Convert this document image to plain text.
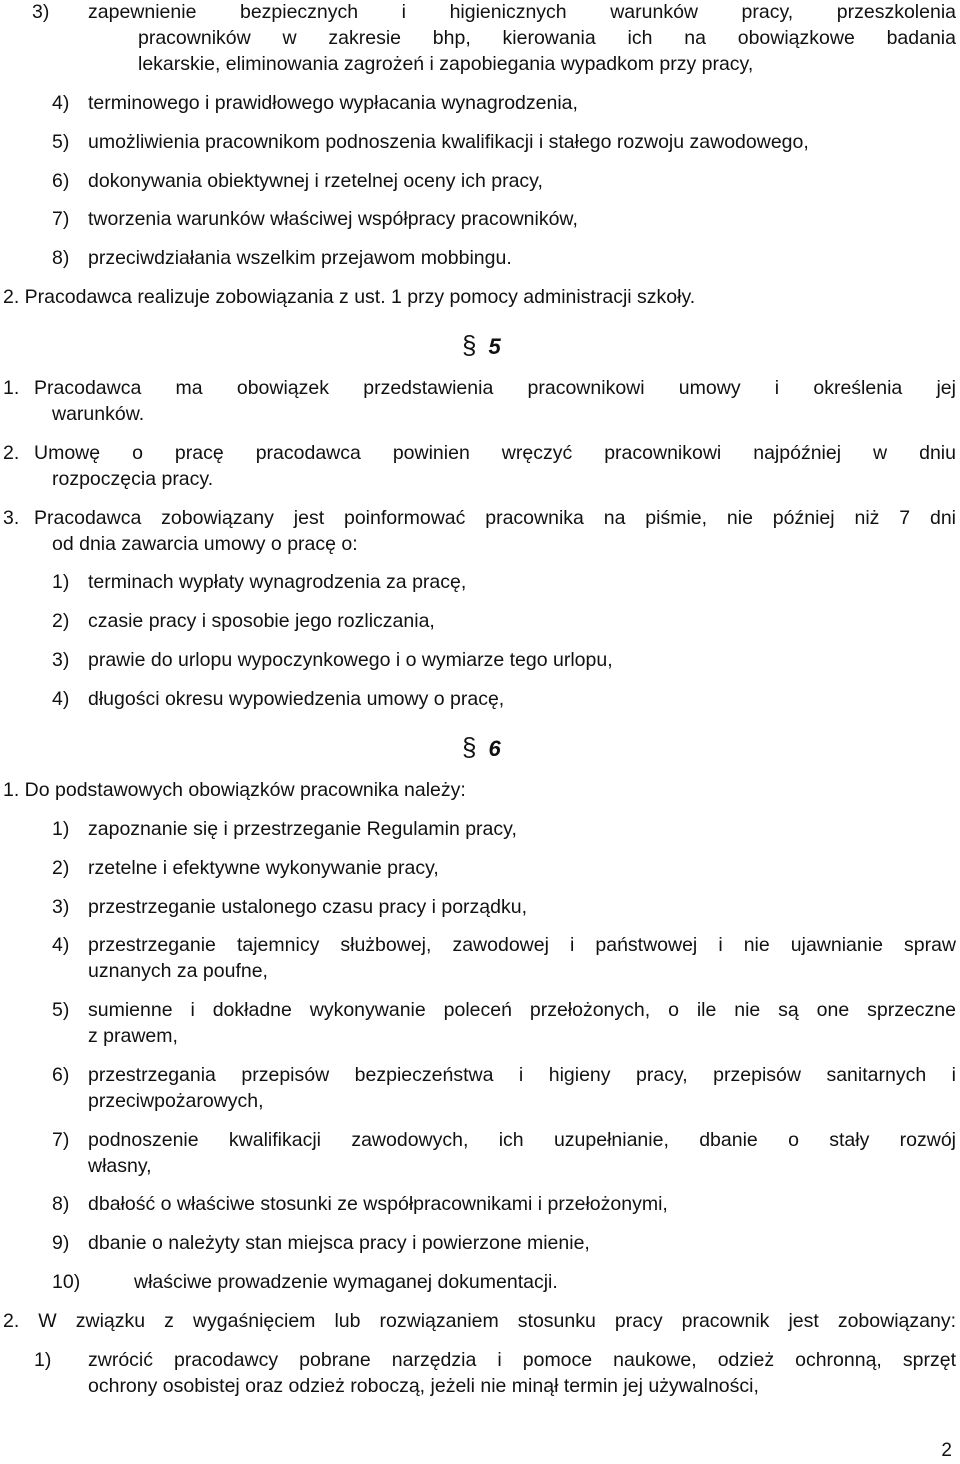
3) zapewnienie bezpiecznych i higienicznych warunków pracy, przeszkolenia
pracowników w zakresie bhp, kierowania ich na obowiązkowe badania
lekarskie, eliminowania zagrożeń i zapobiegania wypadkom przy pracy,
4) terminowego i prawidłowego wypłacania wynagrodzenia,
5) umożliwienia pracownikom podnoszenia kwalifikacji i stałego rozwoju zawodowego,
6) dokonywania obiektywnej i rzetelnej oceny ich pracy,
7) tworzenia warunków właściwej współpracy pracowników,
8) przeciwdziałania wszelkim przejawom mobbingu.
2. Pracodawca realizuje zobowiązania z ust. 1 przy pomocy administracji szkoły.
§ 5
1. Pracodawca ma obowiązek przedstawienia pracownikowi umowy i określenia jej
warunków.
2. Umowę o pracę pracodawca powinien wręczyć pracownikowi najpóźniej w dniu
rozpoczęcia pracy.
3. Pracodawca zobowiązany jest poinformować pracownika na piśmie, nie później niż 7 dni
od dnia zawarcia umowy o pracę o:
1) terminach wypłaty wynagrodzenia za pracę,
2) czasie pracy i sposobie jego rozliczania,
3) prawie do urlopu wypoczynkowego i o wymiarze tego urlopu,
4) długości okresu wypowiedzenia umowy o pracę,
§ 6
1. Do podstawowych obowiązków pracownika należy:
1) zapoznanie się i przestrzeganie Regulamin pracy,
2) rzetelne i efektywne wykonywanie pracy,
3) przestrzeganie ustalonego czasu pracy i porządku,
4) przestrzeganie tajemnicy służbowej, zawodowej i państwowej i nie ujawnianie spraw
uznanych za poufne,
5) sumienne i dokładne wykonywanie poleceń przełożonych, o ile nie są one sprzeczne
z prawem,
6) przestrzegania przepisów bezpieczeństwa i higieny pracy, przepisów sanitarnych i
przeciwpożarowych,
7) podnoszenie kwalifikacji zawodowych, ich uzupełnianie, dbanie o stały rozwój
własny,
8) dbałość o właściwe stosunki ze współpracownikami i przełożonymi,
9) dbanie o należyty stan miejsca pracy i powierzone mienie,
10)	właściwe prowadzenie wymaganej dokumentacji.
2. W związku z wygaśnięciem lub rozwiązaniem stosunku pracy pracownik jest zobowiązany:
1) zwrócić pracodawcy pobrane narzędzia i pomoce naukowe, odzież ochronną, sprzęt
ochrony osobistej oraz odzież roboczą, jeżeli nie minął termin jej używalności,
2
